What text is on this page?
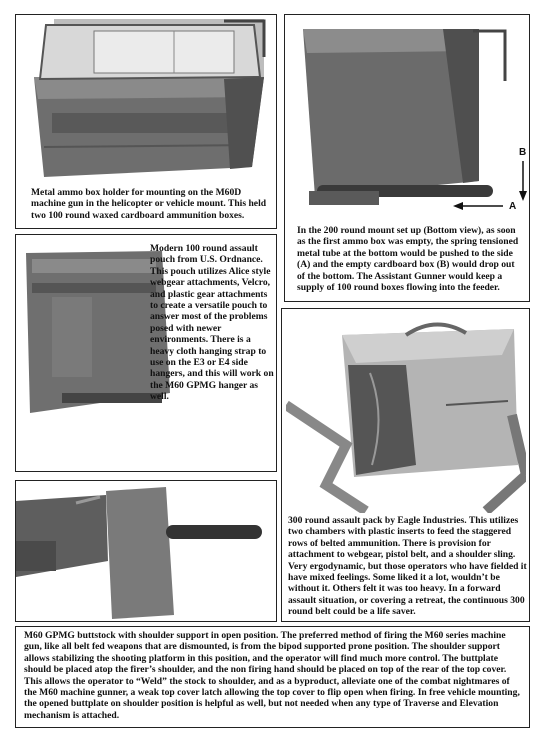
Metal ammo box holder for mounting on the M60D machine gun in the helicopter or vehicle mount. This held two 100 round waxed cardboard ammunition boxes.

B
A

In the 200 round mount set up (Bottom view), as soon as the first ammo box was empty, the spring tensioned metal tube at the bottom would be pushed to the side (A) and the empty cardboard box (B) would drop out of the bottom. The Assistant Gunner would keep a supply of 100 round boxes flowing into the feeder.

Modern 100 round assault pouch from U.S. Ordnance. This pouch utilizes Alice style webgear attachments, Velcro, and plastic gear attachments to create a versatile pouch to answer most of the problems posed with newer environments. There is a heavy cloth hanging strap to use on the E3 or E4 side hangers, and this will work on the M60 GPMG hanger as well.

300 round assault pack by Eagle Industries. This utilizes two chambers with plastic inserts to feed the staggered rows of belted ammunition. There is provision for attachment to webgear, pistol belt, and a shoulder sling. Very ergodynamic, but those operators who have fielded it have mixed feelings. Some liked it a lot, wouldn’t be without it. Others felt it was too heavy. In a forward assault situation, or covering a retreat, the continuous 300 round belt could be a life saver.

M60 GPMG buttstock with shoulder support in open position. The preferred method of firing the M60 series machine gun, like all belt fed weapons that are dismounted, is from the bipod supported prone position. The shoulder support allows stabilizing the shooting platform in this position, and the operator will find much more control. The buttplate should be placed atop the firer’s shoulder, and the non firing hand should be placed on top of the rear of the top cover. This allows the operator to “Weld” the stock to shoulder, and as a byproduct, alleviate one of the combat nightmares of the M60 machine gunner, a weak top cover latch allowing the top cover to flip open when firing. In free vehicle mounting, the opened buttplate on shoulder position is helpful as well, but not needed when any type of Traverse and Elevation mechanism is attached.
